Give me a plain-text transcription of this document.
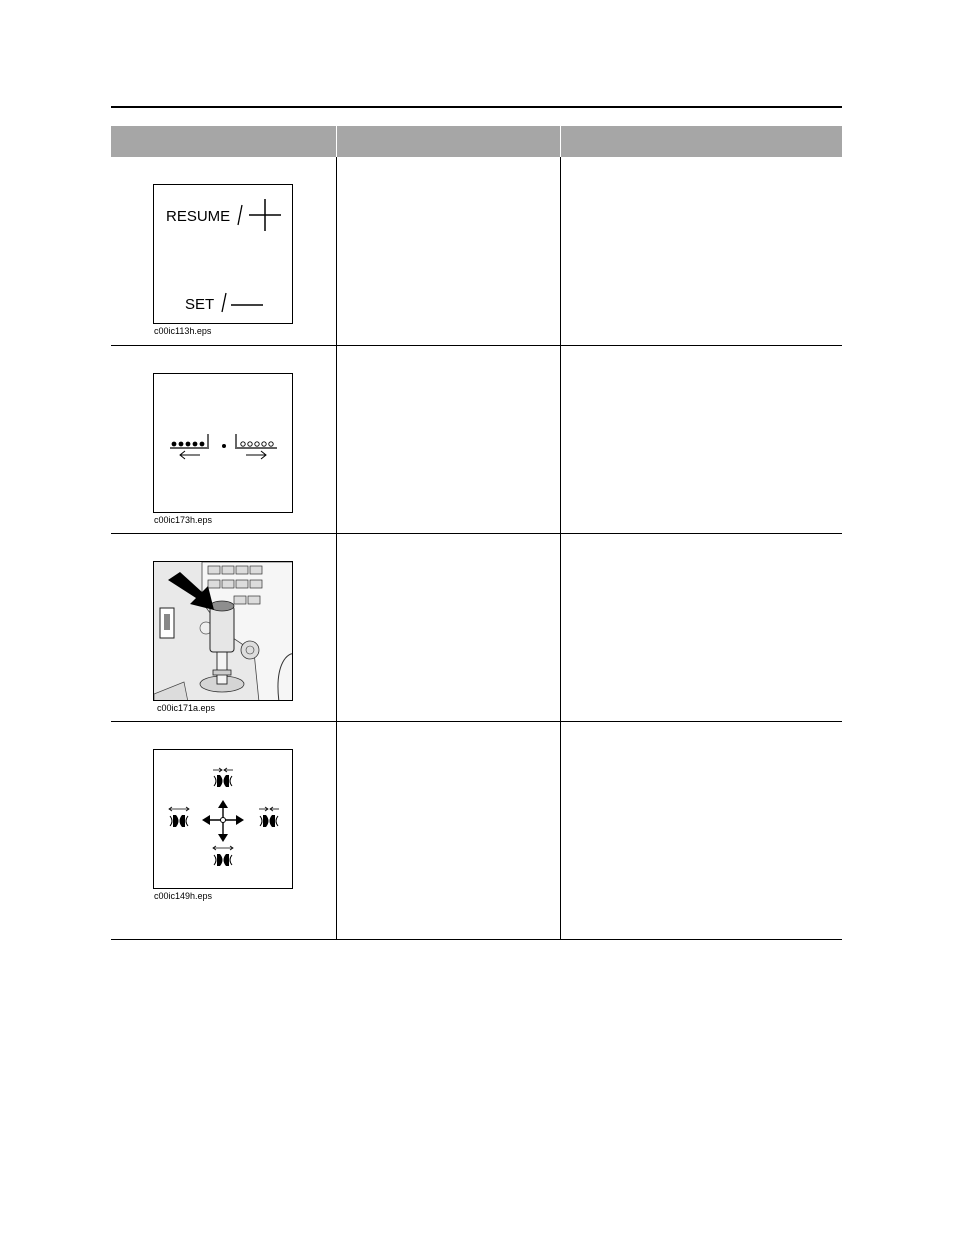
RESUME
SET
c00ic113h.eps		

c00ic173h.eps		

c00ic171a.eps		

c00ic149h.eps		
